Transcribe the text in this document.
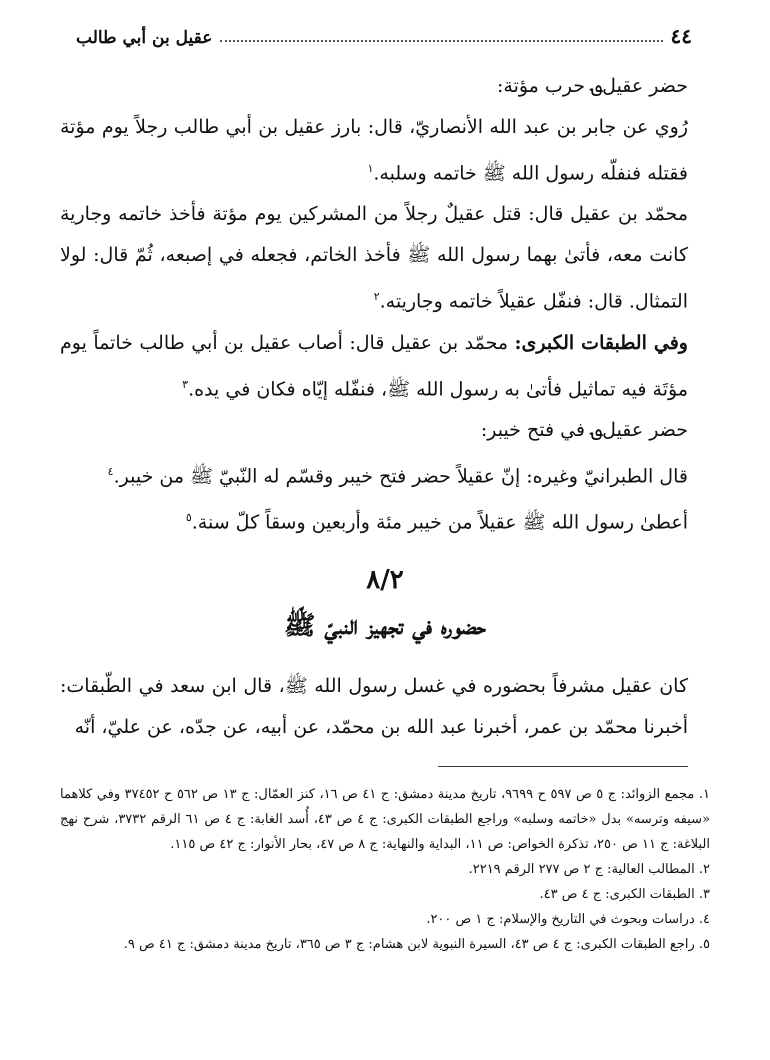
٤٤
عقيل بن أبي طالب

حضر عقيل؈ حرب مؤتة:

رُوي عن جابر بن عبد الله الأنصاريّ، قال: بارز عقيل بن أبي طالب رجلاً يوم مؤتة فقتله فنفلّه رسول الله ﷺ خاتمه وسلبه.$^١$

محمّد بن عقيل قال: قتل عقيلٌ رجلاً من المشركين يوم مؤتة فأخذ خاتمه وجارية كانت معه، فأتىٰ بهما رسول الله ﷺ فأخذ الخاتم، فجعله في إصبعه، ثُمّ قال: لولا التمثال. قال: فنفّل عقيلاً خاتمه وجاريته.$^٢$

وفي الطبقات الكبرى: محمّد بن عقيل قال: أصاب عقيل بن أبي طالب خاتماً يوم مؤتَة فيه تماثيل فأتىٰ به رسول الله ﷺ، فنفّله إيّاه فكان في يده.$^٣$

حضر عقيل؈ في فتح خيبر:

قال الطبرانيّ وغيره: إنّ عقيلاً حضر فتح خيبر وقسّم له النّبيّ ﷺ من خيبر.$^٤$

أعطىٰ رسول الله ﷺ عقيلاً من خيبر مئة وأربعين وسقاً كلّ سنة.$^٥$

٨/٢
حضوره في تجهيز النبيّ ﷺ

كان عقيل مشرفاً بحضوره في غسل رسول الله ﷺ، قال ابن سعد في الطّبقات: أخبرنا محمّد بن عمر، أخبرنا عبد الله بن محمّد، عن أبيه، عن جدّه، عن عليّ، أنّه

١. مجمع الزوائد: ج ٥ ص ٥٩٧ ح ٩٦٩٩، تاريخ مدينة دمشق: ج ٤١ ص ١٦، كنز العمّال: ج ١٣ ص ٥٦٢ ح ٣٧٤٥٢ وفي كلاهما «سيفه وترسه» بدل «خاتمه وسلبه» وراجع الطبقات الكبرى: ج ٤ ص ٤٣، أُسد الغابة: ج ٤ ص ٦١ الرقم ٣٧٣٢، شرح نهج البلاغة: ج ١١ ص ٢٥٠، تذكرة الخواص: ص ١١، البداية والنهاية: ج ٨ ص ٤٧، بحار الأنوار: ج ٤٢ ص ١١٥.

٢. المطالب العالية: ج ٢ ص ٢٧٧ الرقم ٢٢١٩.

٣. الطبقات الكبرى: ج ٤ ص ٤٣.

٤. دراسات وبحوث في التاريخ والإسلام: ج ١ ص ٢٠٠.

٥. راجع الطبقات الكبرى: ج ٤ ص ٤٣، السيرة النبوية لابن هشام: ج ٣ ص ٣٦٥، تاريخ مدينة دمشق: ج ٤١ ص ٩.
